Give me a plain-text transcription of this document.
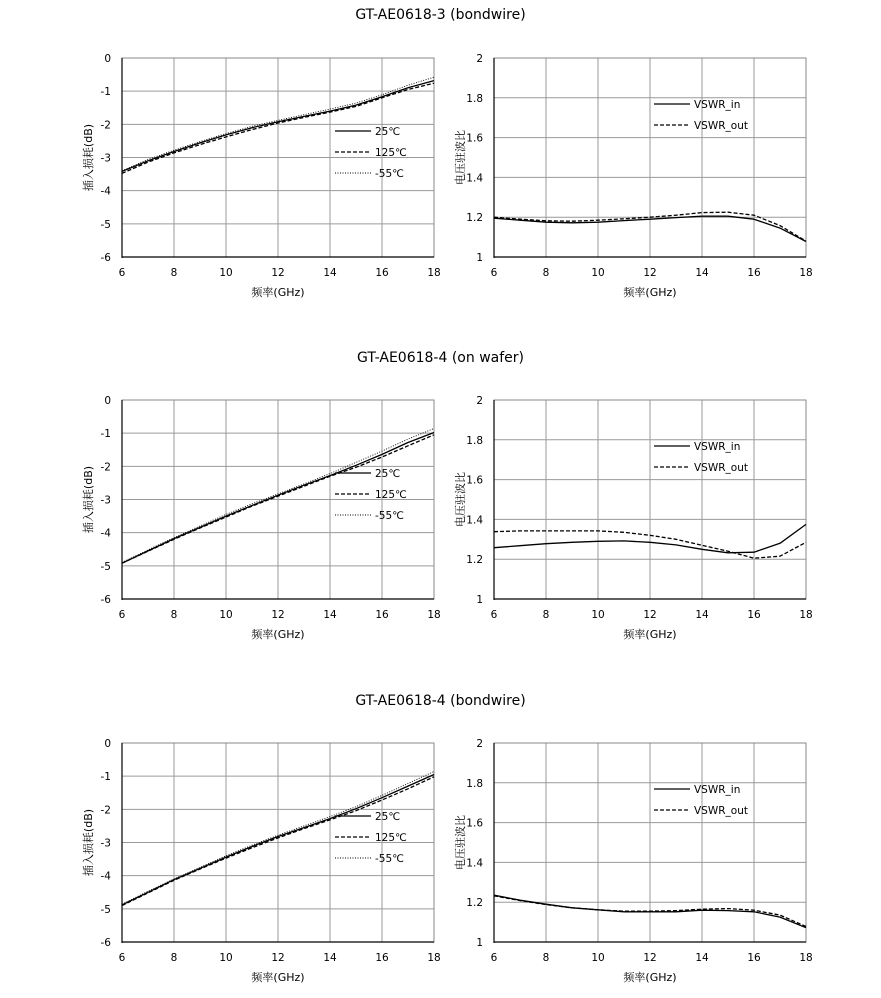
GT-AE0618-3 (bondwire)
GT-AE0618-4 (on wafer)
GT-AE0618-4 (bondwire)
0
-1
-2
-3
-4
-5
-6
6	8	10	12	14	16	18
频率(GHz)
插入损耗(dB)	25℃
125℃
-55℃
2
1.8
1.6
1.4
1.2
1
6	8	10	12	14	16	18
频率(GHz)
电压驻波比
VSWR_in
VSWR_out
0
-1
-2
-3
-4
-5
-6
6	8	10	12	14	16	18
频率(GHz)
插入损耗(dB)	25℃
125℃
-55℃
2
1.8
1.6
1.4
1.2
1
6	8	10	12	14	16	18
频率(GHz)
电压驻波比
VSWR_in
VSWR_out
0
-1
-2
-3
-4
-5
-6
6	8	10	12	14	16	18
频率(GHz)
插入损耗(dB)	25℃
125℃
-55℃
2
1.8
1.6
1.4
1.2
1
6	8	10	12	14	16	18
频率(GHz)
电压驻波比
VSWR_in
VSWR_out
